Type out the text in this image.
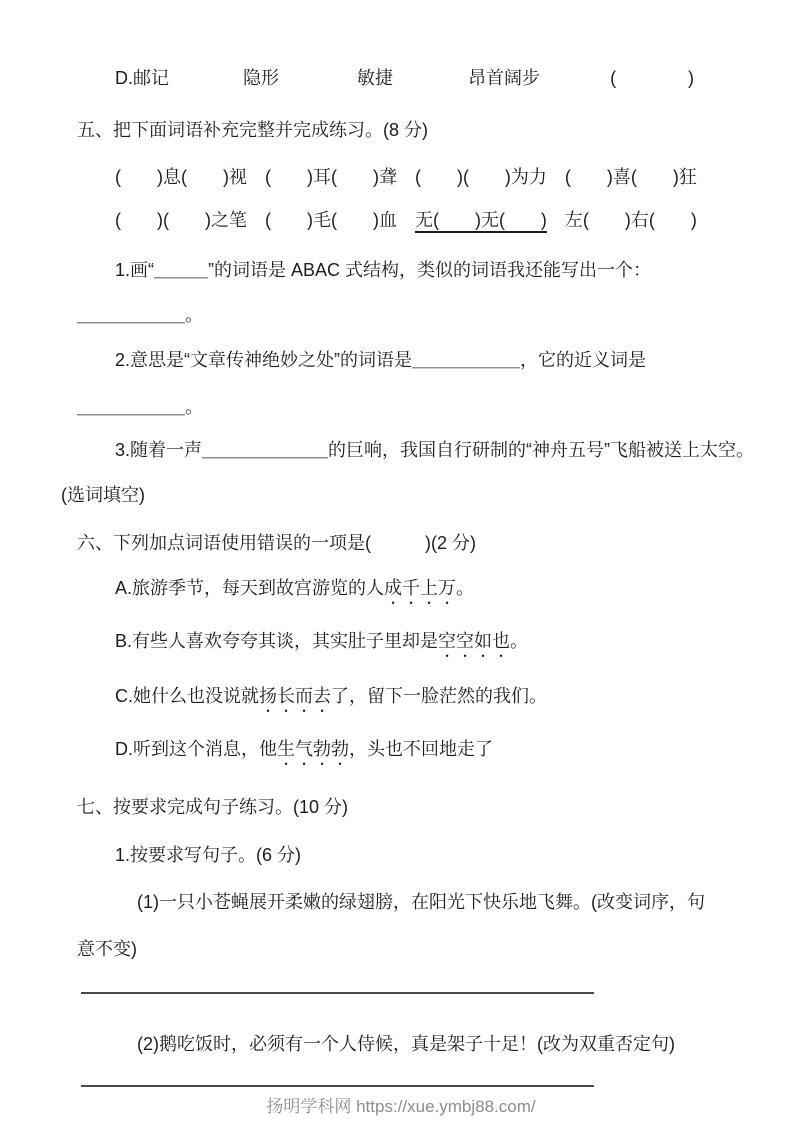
D.邮记	隐形	敏捷	昂首阔步	(　　　　)
五、把下面词语补充完整并完成练习。(8 分)
(　　)息(　　)视　(　　)耳(　　)聋　(　　)(　　)为力　(　　)喜(　　)狂
(　　)(　　)之笔　(　　)毛(　　)血　无(　　)无(　　)　左(　　)右(　　)
1.画“＿＿＿”的词语是 ABAC 式结构，类似的词语我还能写出一个：
＿＿＿＿＿＿。
2.意思是“文章传神绝妙之处”的词语是＿＿＿＿＿＿，它的近义词是
＿＿＿＿＿＿。
3.随着一声＿＿＿＿＿＿＿的巨响，我国自行研制的“神舟五号”飞船被送上太空。
(选词填空)
六、下列加点词语使用错误的一项是(　　　)(2 分)
A.旅游季节，每天到故宫游览的人成千上万。
B.有些人喜欢夸夸其谈，其实肚子里却是空空如也。
C.她什么也没说就扬长而去了，留下一脸茫然的我们。
D.听到这个消息，他生气勃勃，头也不回地走了
七、按要求完成句子练习。(10 分)
1.按要求写句子。(6 分)
(1)一只小苍蝇展开柔嫩的绿翅膀，在阳光下快乐地飞舞。(改变词序，句
意不变)
(2)鹅吃饭时，必须有一个人侍候，真是架子十足！(改为双重否定句)
扬明学科网 https://xue.ymbj88.com/
